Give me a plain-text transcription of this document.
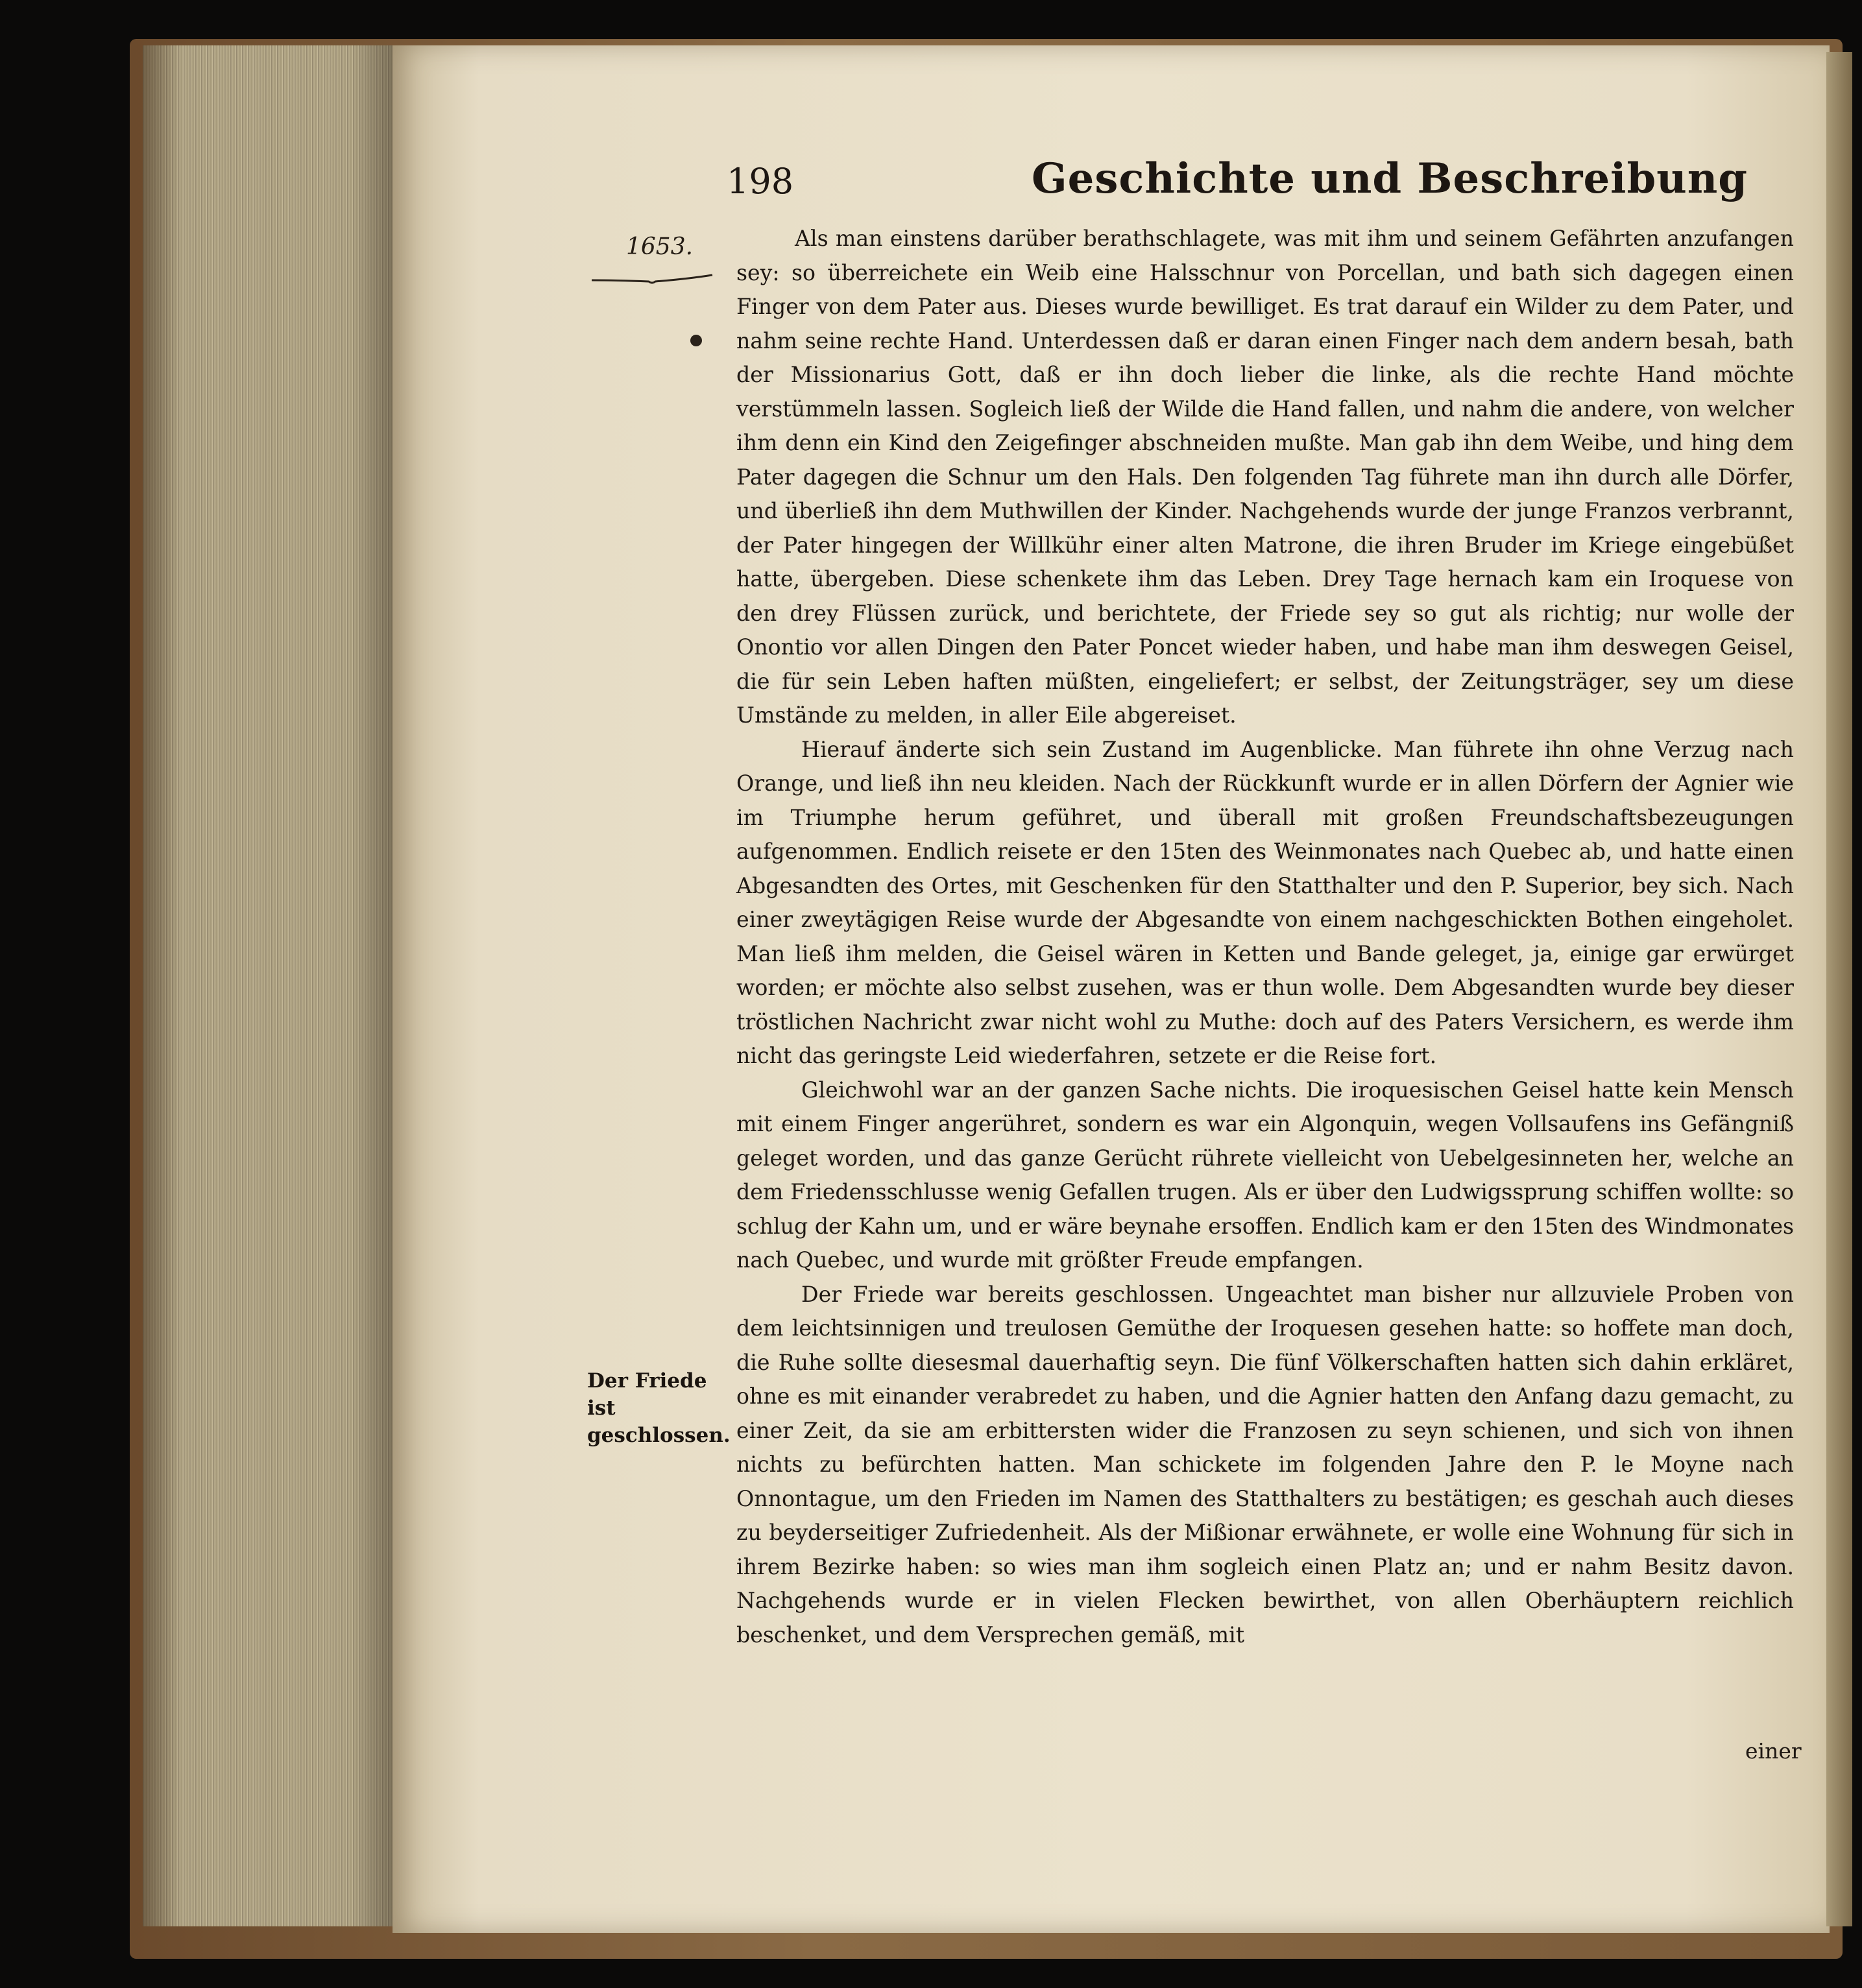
198	Geschichte und Beschreibung
1653.
Der Friede ist geschlossen.

Als man einstens darüber berathschlagete, was mit ihm und seinem Gefährten anzufangen sey: so überreichete ein Weib eine Halsschnur von Porcellan, und bath sich dagegen einen Finger von dem Pater aus. Dieses wurde bewilliget. Es trat darauf ein Wilder zu dem Pater, und nahm seine rechte Hand. Unterdessen daß er daran einen Finger nach dem andern besah, bath der Missionarius Gott, daß er ihn doch lieber die linke, als die rechte Hand möchte verstümmeln lassen. Sogleich ließ der Wilde die Hand fallen, und nahm die andere, von welcher ihm denn ein Kind den Zeigefinger abschneiden mußte. Man gab ihn dem Weibe, und hing dem Pater dagegen die Schnur um den Hals. Den folgenden Tag führete man ihn durch alle Dörfer, und überließ ihn dem Muthwillen der Kinder. Nachgehends wurde der junge Franzos verbrannt, der Pater hingegen der Willkühr einer alten Matrone, die ihren Bruder im Kriege eingebüßet hatte, übergeben. Diese schenkete ihm das Leben. Drey Tage hernach kam ein Iroquese von den drey Flüssen zurück, und berichtete, der Friede sey so gut als richtig; nur wolle der Onontio vor allen Dingen den Pater Poncet wieder haben, und habe man ihm deswegen Geisel, die für sein Leben haften müßten, eingeliefert; er selbst, der Zeitungsträger, sey um diese Umstände zu melden, in aller Eile abgereiset.

Hierauf änderte sich sein Zustand im Augenblicke. Man führete ihn ohne Verzug nach Orange, und ließ ihn neu kleiden. Nach der Rückkunft wurde er in allen Dörfern der Agnier wie im Triumphe herum geführet, und überall mit großen Freundschaftsbezeugungen aufgenommen. Endlich reisete er den 15ten des Weinmonates nach Quebec ab, und hatte einen Abgesandten des Ortes, mit Geschenken für den Statthalter und den P. Superior, bey sich. Nach einer zweytägigen Reise wurde der Abgesandte von einem nachgeschickten Bothen eingeholet. Man ließ ihm melden, die Geisel wären in Ketten und Bande geleget, ja, einige gar erwürget worden; er möchte also selbst zusehen, was er thun wolle. Dem Abgesandten wurde bey dieser tröstlichen Nachricht zwar nicht wohl zu Muthe: doch auf des Paters Versichern, es werde ihm nicht das geringste Leid wiederfahren, setzete er die Reise fort.

Gleichwohl war an der ganzen Sache nichts. Die iroquesischen Geisel hatte kein Mensch mit einem Finger angerühret, sondern es war ein Algonquin, wegen Vollsaufens ins Gefängniß geleget worden, und das ganze Gerücht rührete vielleicht von Uebelgesinneten her, welche an dem Friedensschlusse wenig Gefallen trugen. Als er über den Ludwigssprung schiffen wollte: so schlug der Kahn um, und er wäre beynahe ersoffen. Endlich kam er den 15ten des Windmonates nach Quebec, und wurde mit größter Freude empfangen.

Der Friede war bereits geschlossen. Ungeachtet man bisher nur allzuviele Proben von dem leichtsinnigen und treulosen Gemüthe der Iroquesen gesehen hatte: so hoffete man doch, die Ruhe sollte diesesmal dauerhaftig seyn. Die fünf Völkerschaften hatten sich dahin erkläret, ohne es mit einander verabredet zu haben, und die Agnier hatten den Anfang dazu gemacht, zu einer Zeit, da sie am erbittersten wider die Franzosen zu seyn schienen, und sich von ihnen nichts zu befürchten hatten. Man schickete im folgenden Jahre den P. le Moyne nach Onnontague, um den Frieden im Namen des Statthalters zu bestätigen; es geschah auch dieses zu beyderseitiger Zufriedenheit. Als der Mißionar erwähnete, er wolle eine Wohnung für sich in ihrem Bezirke haben: so wies man ihm sogleich einen Platz an; und er nahm Besitz davon. Nachgehends wurde er in vielen Flecken bewirthet, von allen Oberhäuptern reichlich beschenket, und dem Versprechen gemäß, mit

einer
